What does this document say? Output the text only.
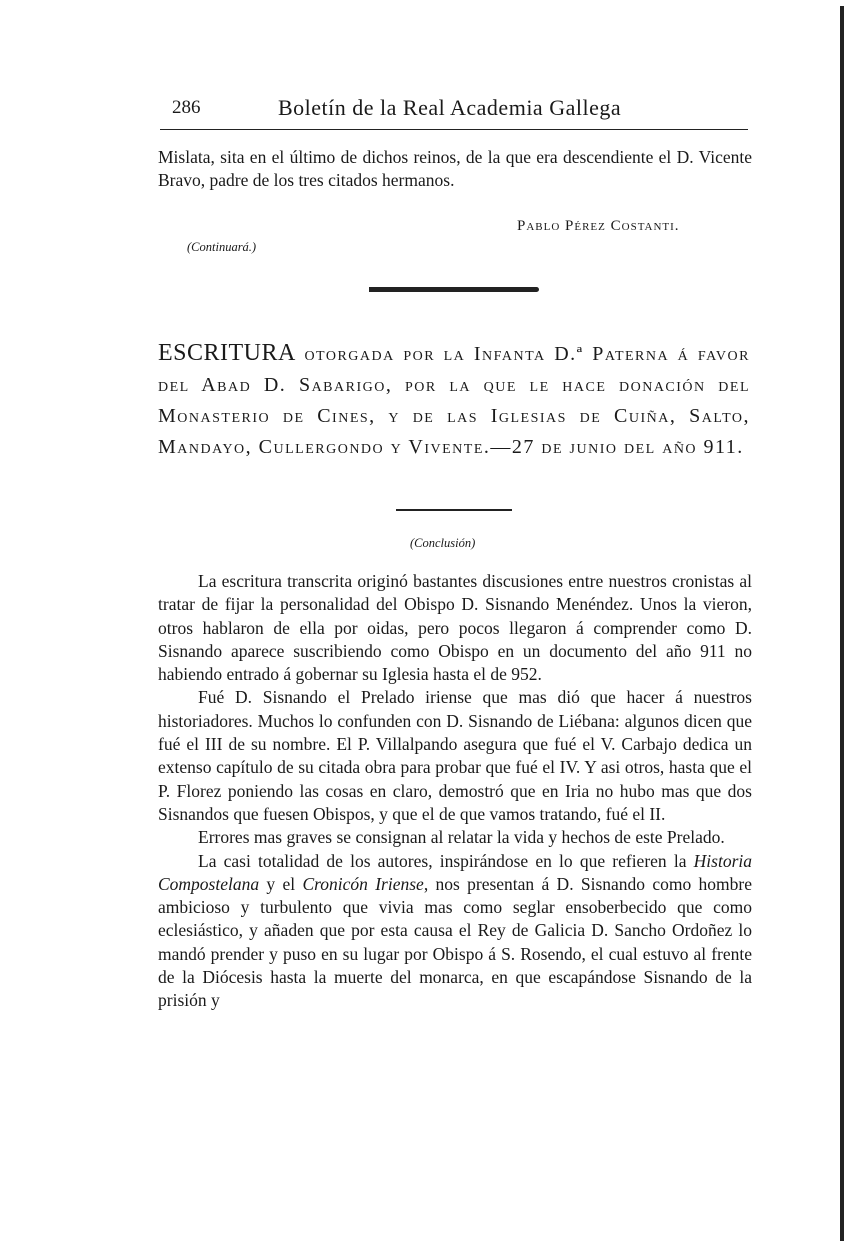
286	Boletín de la Real Academia Gallega

Mislata, sita en el último de dichos reinos, de la que era descendiente el D. Vicente Bravo, padre de los tres citados hermanos.

Pablo Pérez Costanti.
(Continuará.)
ESCRITURA otorgada por la Infanta D.ª Paterna á favor del Abad D. Sabarigo, por la que le hace donación del Monasterio de Cines, y de las Iglesias de Cuiña, Salto, Mandayo, Cullergondo y Vivente.—27 de junio del año 911.
(Conclusión)

La escritura transcrita originó bastantes discusiones entre nuestros cronistas al tratar de fijar la personalidad del Obispo D. Sisnando Menéndez. Unos la vieron, otros hablaron de ella por oidas, pero pocos llegaron á comprender como D. Sisnando aparece suscribiendo como Obispo en un documento del año 911 no habiendo entrado á gobernar su Iglesia hasta el de 952.

Fué D. Sisnando el Prelado iriense que mas dió que hacer á nuestros historiadores. Muchos lo confunden con D. Sisnando de Liébana: algunos dicen que fué el III de su nombre. El P. Villalpando asegura que fué el V. Carbajo dedica un extenso capítulo de su citada obra para probar que fué el IV. Y asi otros, hasta que el P. Florez poniendo las cosas en claro, demostró que en Iria no hubo mas que dos Sisnandos que fuesen Obispos, y que el de que vamos tratando, fué el II.

Errores mas graves se consignan al relatar la vida y hechos de este Prelado.

La casi totalidad de los autores, inspirándose en lo que refieren la Historia Compostelana y el Cronicón Iriense, nos presentan á D. Sisnando como hombre ambicioso y turbulento que vivia mas como seglar ensoberbecido que como eclesiástico, y añaden que por esta causa el Rey de Galicia D. Sancho Ordoñez lo mandó prender y puso en su lugar por Obispo á S. Rosendo, el cual estuvo al frente de la Diócesis hasta la muerte del monarca, en que escapándose Sisnando de la prisión y
